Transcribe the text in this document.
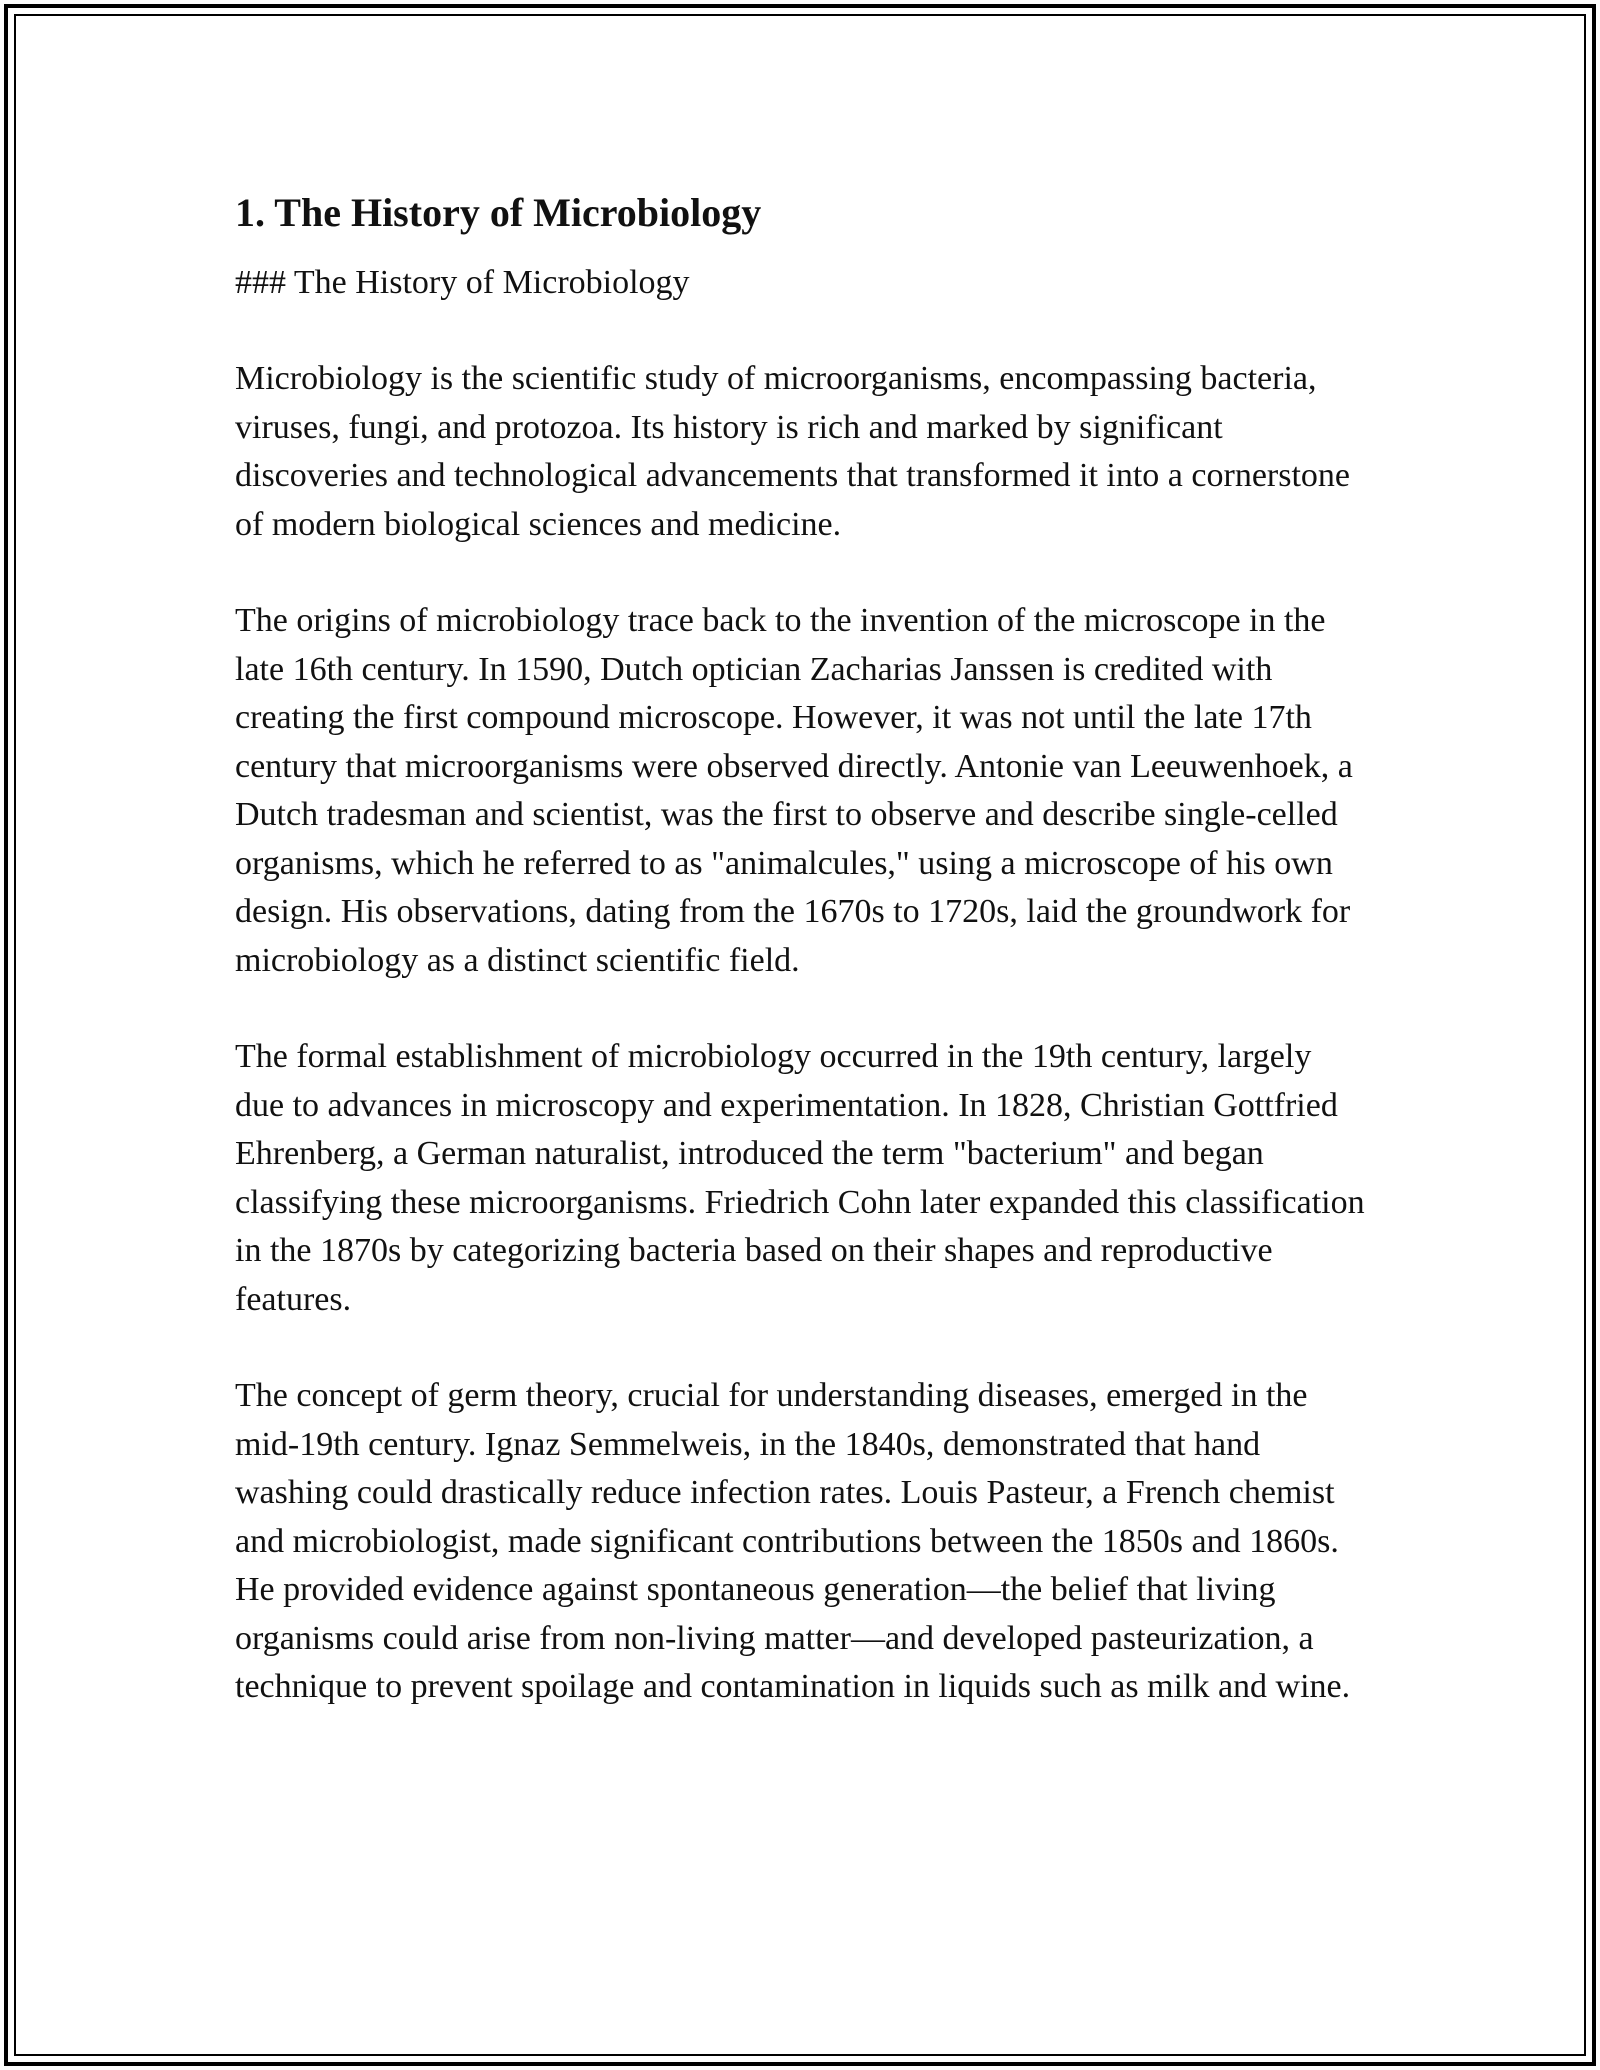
1. The History of Microbiology

### The History of Microbiology

Microbiology is the scientific study of microorganisms, encompassing bacteria, viruses, fungi, and protozoa. Its history is rich and marked by significant discoveries and technological advancements that transformed it into a cornerstone of modern biological sciences and medicine.

The origins of microbiology trace back to the invention of the microscope in the late 16th century. In 1590, Dutch optician Zacharias Janssen is credited with creating the first compound microscope. However, it was not until the late 17th century that microorganisms were observed directly. Antonie van Leeuwenhoek, a Dutch tradesman and scientist, was the first to observe and describe single-celled organisms, which he referred to as "animalcules," using a microscope of his own design. His observations, dating from the 1670s to 1720s, laid the groundwork for microbiology as a distinct scientific field.

The formal establishment of microbiology occurred in the 19th century, largely due to advances in microscopy and experimentation. In 1828, Christian Gottfried Ehrenberg, a German naturalist, introduced the term "bacterium" and began classifying these microorganisms. Friedrich Cohn later expanded this classification in the 1870s by categorizing bacteria based on their shapes and reproductive features.

The concept of germ theory, crucial for understanding diseases, emerged in the mid-19th century. Ignaz Semmelweis, in the 1840s, demonstrated that hand washing could drastically reduce infection rates. Louis Pasteur, a French chemist and microbiologist, made significant contributions between the 1850s and 1860s. He provided evidence against spontaneous generation—the belief that living organisms could arise from non-living matter—and developed pasteurization, a technique to prevent spoilage and contamination in liquids such as milk and wine.
